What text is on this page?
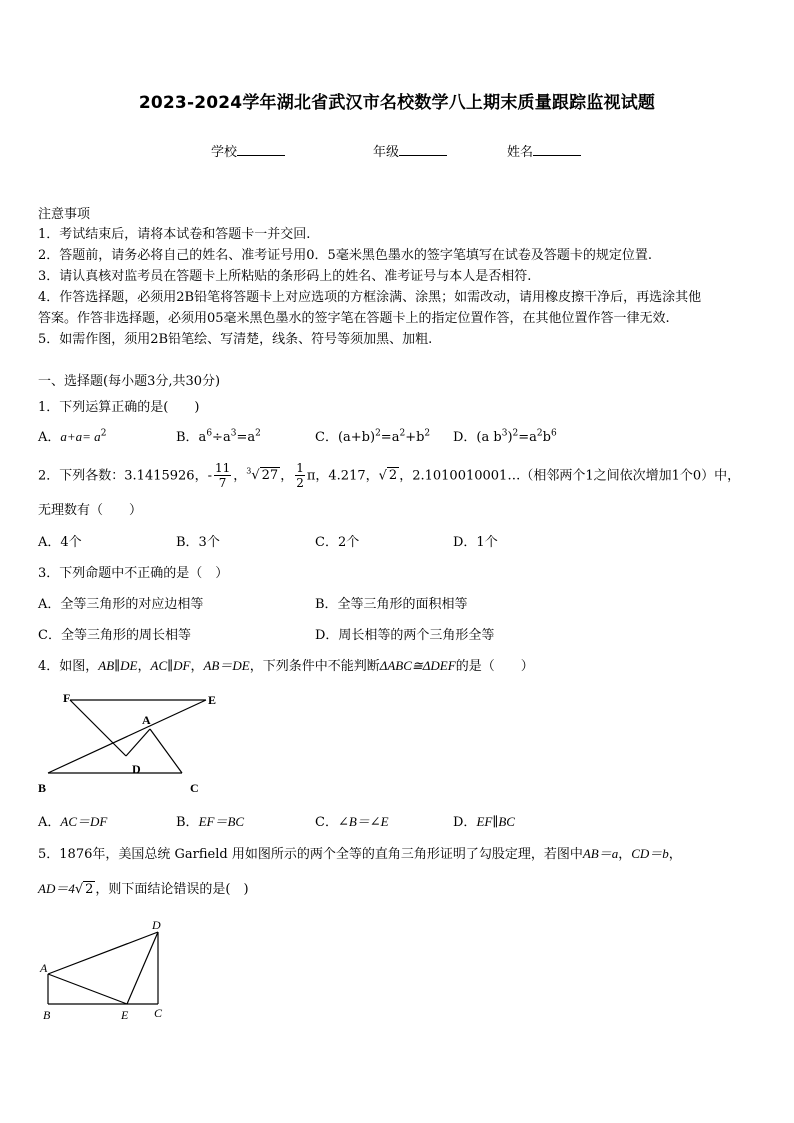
2023-2024学年湖北省武汉市名校数学八上期末质量跟踪监视试题
学校	年级	姓名
注意事项
1．考试结束后，请将本试卷和答题卡一并交回.
2．答题前，请务必将自己的姓名、准考证号用0．5毫米黑色墨水的签字笔填写在试卷及答题卡的规定位置.
3．请认真核对监考员在答题卡上所粘贴的条形码上的姓名、准考证号与本人是否相符.
4．作答选择题，必须用2B铅笔将答题卡上对应选项的方框涂满、涂黑；如需改动，请用橡皮擦干净后，再选涂其他
答案。作答非选择题，必须用05毫米黑色墨水的签字笔在答题卡上的指定位置作答，在其他位置作答一律无效.
5．如需作图，须用2B铅笔绘、写清楚，线条、符号等须加黑、加粗.
一、选择题(每小题3分,共30分)
1．下列运算正确的是(　　)
A．$a+a= a^2$	B．$a^6\div a^3=a^2$	C．$(a+b)^2=a^2+b^2$ D．(a $b^3)^2=a^2b^6$
2．下列各数：3.1415926，- $\frac{11}{7}$ ，$^3$√ 27 ， $\frac{1}{2}$ π，4.217，√ 2 ，2.1010010001…（相邻两个1之间依次增加1个0）中，
无理数有（　　）
A．4个	B．3个	C．2个	D．1个
3．下列命题中不正确的是（　）
A．全等三角形的对应边相等	B．全等三角形的面积相等
C．全等三角形的周长相等	D．周长相等的两个三角形全等
4．如图，AB∥DE，AC∥DF，AB＝DE，下列条件中不能判断ΔABC≅ΔDEF的是（　　）
F	E
A
D
B	C
A．AC＝DF	B．EF＝BC	C．∠B＝∠E	D．EF∥BC
5．1876年，美国总统 Garfield 用如图所示的两个全等的直角三角形证明了勾股定理，若图中AB＝a，CD＝b，
AD＝4√ 2 ，则下面结论错误的是(　)
D
A
B	E C
